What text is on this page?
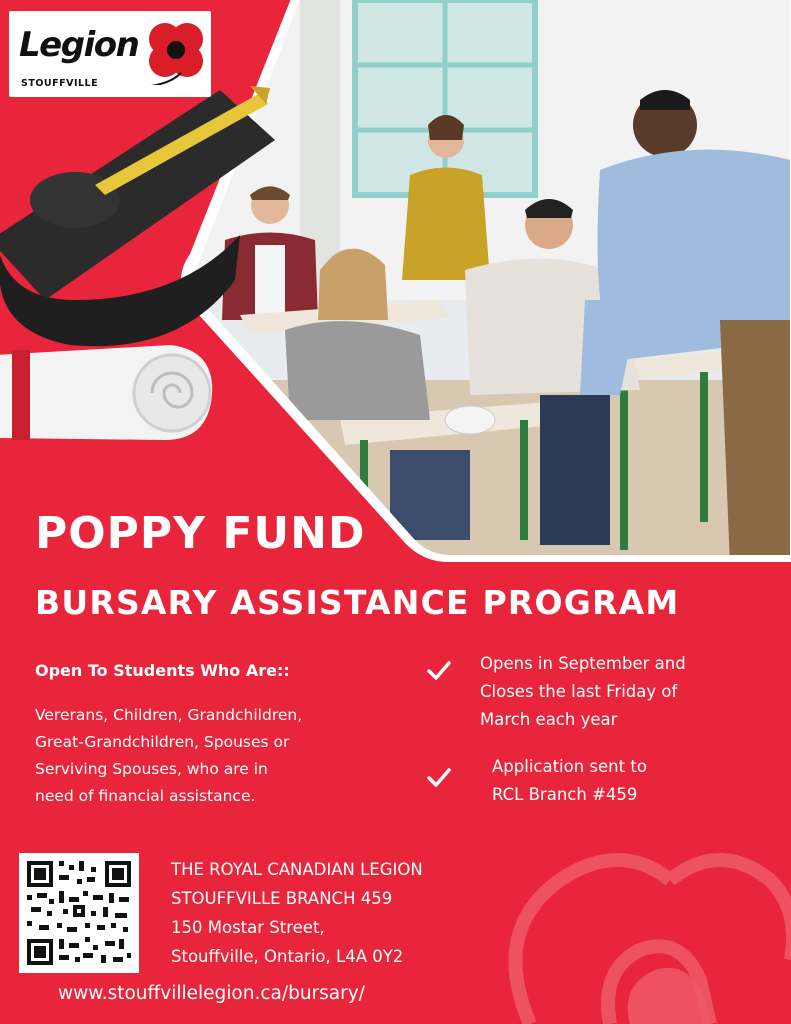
Legion
STOUFFVILLE
POPPY FUND
BURSARY ASSISTANCE PROGRAM
Open To Students Who Are::
Vererans, Children, Grandchildren,
Great-Grandchildren, Spouses or
Serviving Spouses, who are in
need of financial assistance.
Opens in September and
Closes the last Friday of
March each year
Application sent to
RCL Branch #459
THE ROYAL CANADIAN LEGION
STOUFFVILLE BRANCH 459
150 Mostar Street,
Stouffville, Ontario, L4A 0Y2
www.stouffvillelegion.ca/bursary/
